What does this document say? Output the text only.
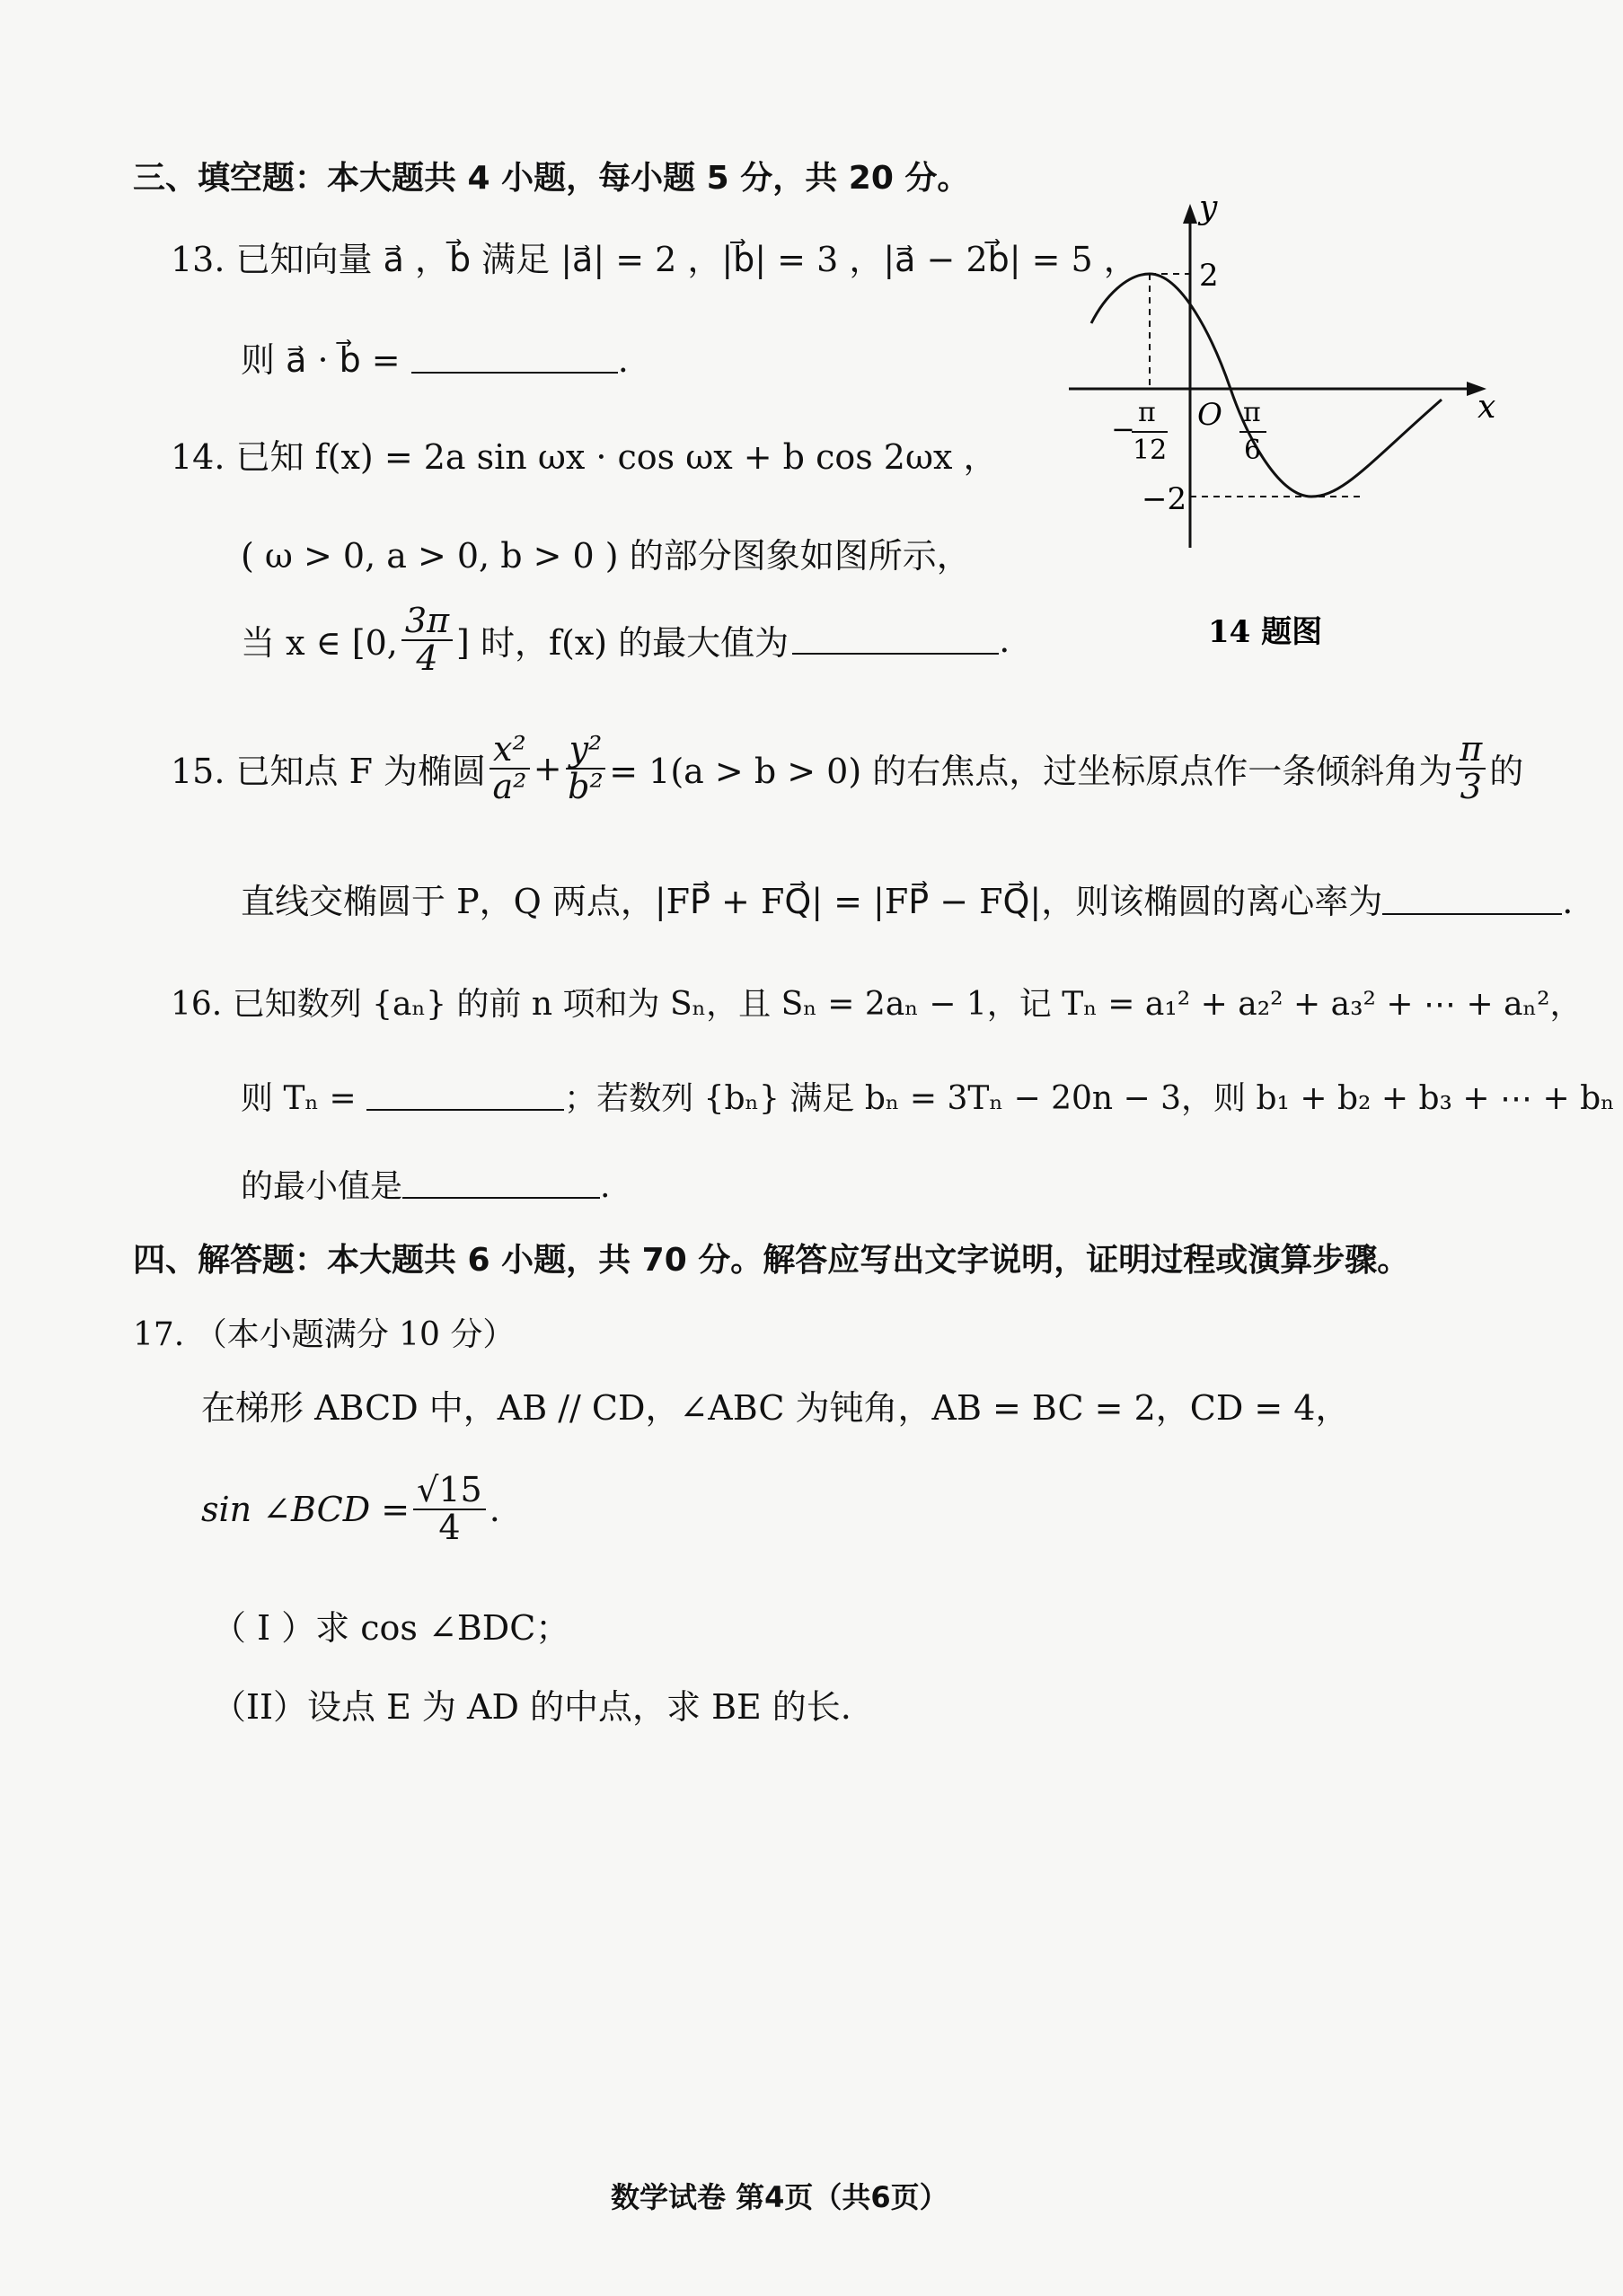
三、填空题：本大题共 4 小题，每小题 5 分，共 20 分。
13. 已知向量 a⃗ ，b⃗ 满足 |a⃗| = 2 ，|b⃗| = 3 ，|a⃗ − 2b⃗| = 5 ，
则 a⃗ · b⃗ =	.
14. 已知 f(x) = 2a sin ωx · cos ωx + b cos 2ωx ，
( ω > 0, a > 0, b > 0 ) 的部分图象如图所示，
当 x ∈ [0, $\frac{3\pi}{4}$ ] 时，f(x) 的最大值为	.
y
x
2
−2
O
− π
12
π
6
14 题图
15. 已知点 F 为椭圆 $\frac{\text{x²}}{\text{a²}} + \frac{\text{y²}}{\text{b²}} = 1(a > b > 0)$ 的右焦点，过坐标原点作一条倾斜角为 $\frac{\pi}{3}$ 的
直线交椭圆于 P，Q 两点，|FP⃗ + FQ⃗| = |FP⃗ − FQ⃗|，则该椭圆的离心率为	.
16. 已知数列 {aₙ} 的前 n 项和为 Sₙ，且 Sₙ = 2aₙ − 1，记 Tₙ = a₁² + a₂² + a₃² + ⋯ + aₙ²，
则 Tₙ =	；若数列 {bₙ} 满足 bₙ = 3Tₙ − 20n − 3，则 b₁ + b₂ + b₃ + ⋯ + bₙ
的最小值是	.
四、解答题：本大题共 6 小题，共 70 分。解答应写出文字说明，证明过程或演算步骤。
17. （本小题满分 10 分）
在梯形 ABCD 中，AB // CD，∠ABC 为钝角，AB = BC = 2，CD = 4，
sin ∠BCD = $\frac{√15}{4}$ .
（ I ）求 cos ∠BDC；
（II）设点 E 为 AD 的中点，求 BE 的长.
数学试卷 第4页（共6页）
